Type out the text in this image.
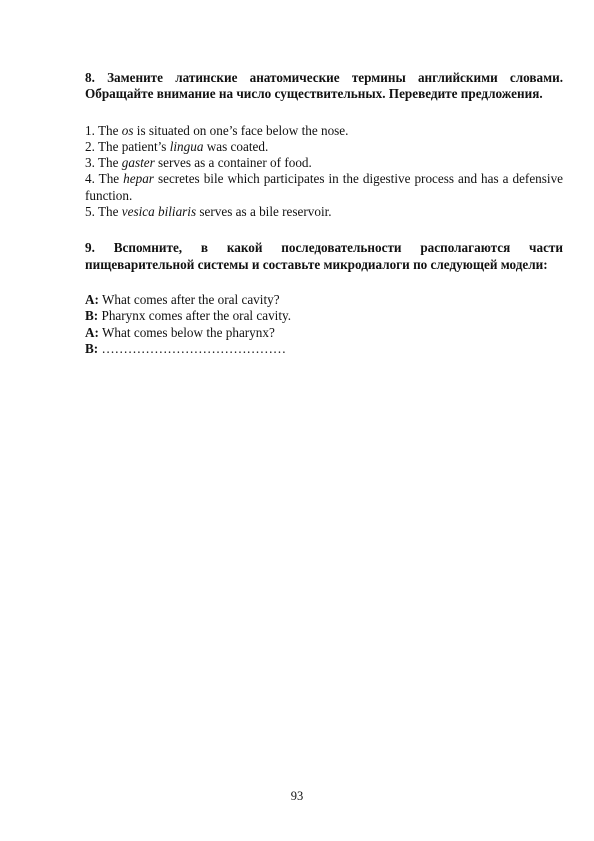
8. Замените латинские анатомические термины английскими словами. Обращайте внимание на число существительных. Переведите предложения.

1. The os is situated on one’s face below the nose.

2. The patient’s lingua was coated.

3. The gaster serves as a container of food.

4. The hepar secretes bile which participates in the digestive process and has a defensive function.

5. The vesica biliaris serves as a bile reservoir.

9. Вспомните, в какой последовательности располагаются части пищеварительной системы и составьте микродиалоги по следующей модели:

A: What comes after the oral cavity?

B: Pharynx comes after the oral cavity.

A: What comes below the pharynx?

B: ……………………………………

93
